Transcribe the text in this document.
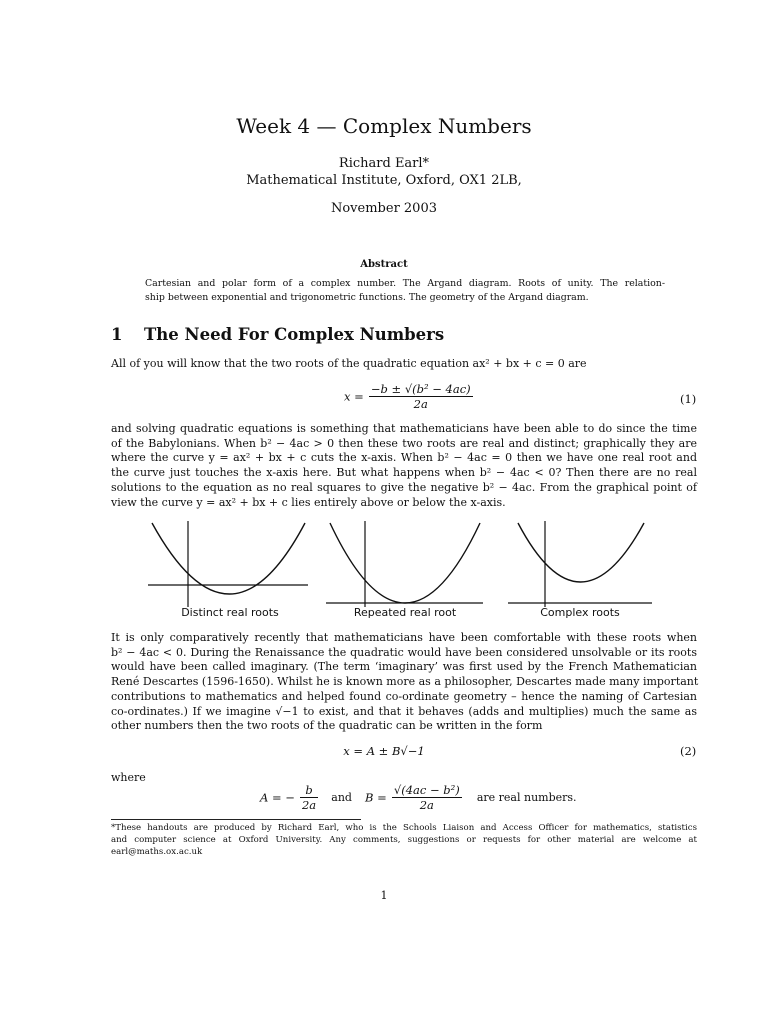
Week 4 — Complex Numbers
Richard Earl*
Mathematical Institute, Oxford, OX1 2LB,
November 2003
Abstract
Cartesian and polar form of a complex number. The Argand diagram. Roots of unity. The relation-
ship between exponential and trigonometric functions. The geometry of the Argand diagram.
1 The Need For Complex Numbers
All of you will know that the two roots of the quadratic equation ax² + bx + c = 0 are
$x = \frac{\text{−b ± √(b² − 4ac)}}{2a}$	(1)
and solving quadratic equations is something that mathematicians have been able to do since the time
of the Babylonians. When b² − 4ac > 0 then these two roots are real and distinct; graphically they are
where the curve y = ax² + bx + c cuts the x-axis. When b² − 4ac = 0 then we have one real root and
the curve just touches the x-axis here. But what happens when b² − 4ac < 0? Then there are no real
solutions to the equation as no real squares to give the negative b² − 4ac. From the graphical point of
view the curve y = ax² + bx + c lies entirely above or below the x-axis.
Distinct real roots	Repeated real root	Complex roots
It is only comparatively recently that mathematicians have been comfortable with these roots when
b² − 4ac < 0. During the Renaissance the quadratic would have been considered unsolvable or its roots
would have been called imaginary. (The term ‘imaginary’ was first used by the French Mathematician
René Descartes (1596-1650). Whilst he is known more as a philosopher, Descartes made many important
contributions to mathematics and helped found co-ordinate geometry – hence the naming of Cartesian
co-ordinates.) If we imagine √−1 to exist, and that it behaves (adds and multiplies) much the same as
other numbers then the two roots of the quadratic can be written in the form
x = A ± B√−1	(2)
where
A = − $\frac{b}{2a}$ and $B = \frac{\text{√(4ac − b²)}}{2a}$ are real numbers.
*These handouts are produced by Richard Earl, who is the Schools Liaison and Access Officer for mathematics, statistics
and computer science at Oxford University. Any comments, suggestions or requests for other material are welcome at
earl@maths.ox.ac.uk
1
